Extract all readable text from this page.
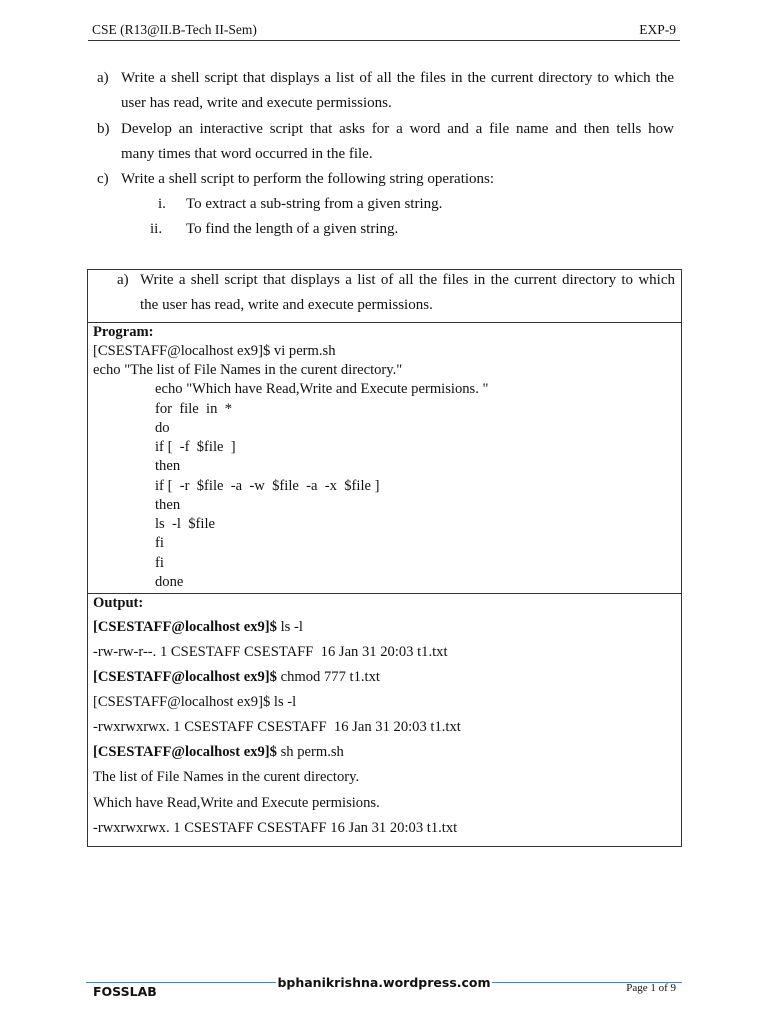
CSE (R13@II.B-Tech II-Sem)	EXP-9
a) Write a shell script that displays a list of all the files in the current directory to which the
user has read, write and execute permissions.
b) Develop an interactive script that asks for a word and a file name and then tells how
many times that word occurred in the file.
c) Write a shell script to perform the following string operations:
i. To extract a sub-string from a given string.
ii. To find the length of a given string.
a) Write a shell script that displays a list of all the files in the current directory to which
the user has read, write and execute permissions.
Program:
[CSESTAFF@localhost ex9]$ vi perm.sh
echo "The list of File Names in the curent directory."
echo "Which have Read,Write and Execute permisions. "
for  file  in  *
do
if [  -f  $file  ]
then
if [  -r  $file  -a  -w  $file  -a  -x  $file ]
then
ls  -l  $file
fi
fi
done
Output:
[CSESTAFF@localhost ex9]$ ls -l
-rw-rw-r--. 1 CSESTAFF CSESTAFF  16 Jan 31 20:03 t1.txt
[CSESTAFF@localhost ex9]$ chmod 777 t1.txt
[CSESTAFF@localhost ex9]$ ls -l
-rwxrwxrwx. 1 CSESTAFF CSESTAFF  16 Jan 31 20:03 t1.txt
[CSESTAFF@localhost ex9]$ sh perm.sh
The list of File Names in the curent directory.
Which have Read,Write and Execute permisions.
-rwxrwxrwx. 1 CSESTAFF CSESTAFF 16 Jan 31 20:03 t1.txt
bphanikrishna.wordpress.com
FOSSLAB	Page 1 of 9
